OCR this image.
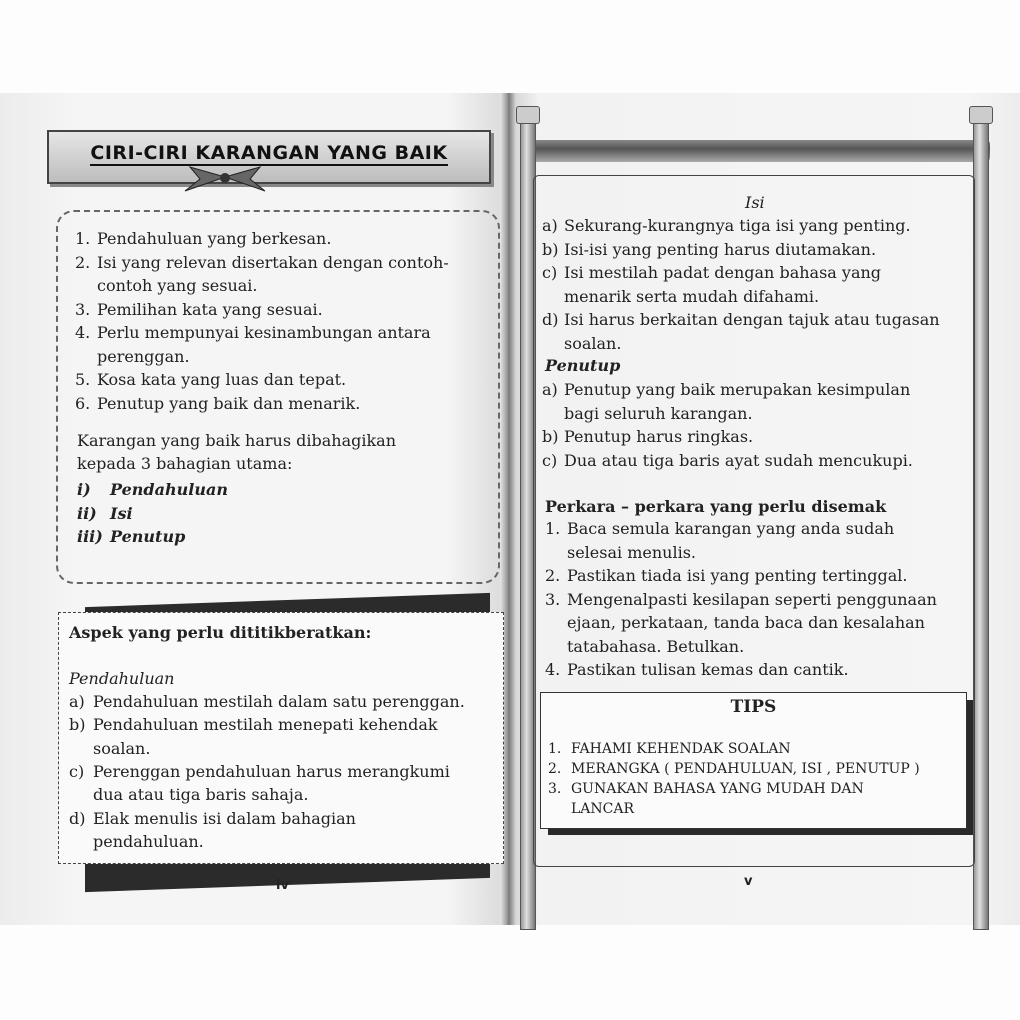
CIRI-CIRI KARANGAN YANG BAIK
iv
TIPS
v
1. Pendahuluan yang berkesan.
2. Isi yang relevan disertakan dengan contoh-
contoh yang sesuai.
3. Pemilihan kata yang sesuai.
4. Perlu mempunyai kesinambungan antara
perenggan.
5. Kosa kata yang luas dan tepat.
6. Penutup yang baik dan menarik.
Karangan yang baik harus dibahagikan
kepada 3 bahagian utama:
i) Pendahuluan
ii) Isi
iii) Penutup
Aspek yang perlu dititikberatkan:
Pendahuluan
a) Pendahuluan mestilah dalam satu perenggan.
b) Pendahuluan mestilah menepati kehendak
soalan.
c) Perenggan pendahuluan harus merangkumi
dua atau tiga baris sahaja.
d) Elak menulis isi dalam bahagian
pendahuluan.
Isi
a) Sekurang-kurangnya tiga isi yang penting.
b) Isi-isi yang penting harus diutamakan.
c) Isi mestilah padat dengan bahasa yang
menarik serta mudah difahami.
d) Isi harus berkaitan dengan tajuk atau tugasan
soalan.
Penutup
a) Penutup yang baik merupakan kesimpulan
bagi seluruh karangan.
b) Penutup harus ringkas.
c) Dua atau tiga baris ayat sudah mencukupi.
Perkara – perkara yang perlu disemak
1. Baca semula karangan yang anda sudah
selesai menulis.
2. Pastikan tiada isi yang penting tertinggal.
3. Mengenalpasti kesilapan seperti penggunaan
ejaan, perkataan, tanda baca dan kesalahan
tatabahasa. Betulkan.
4. Pastikan tulisan kemas dan cantik.
1. FAHAMI KEHENDAK SOALAN
2. MERANGKA ( PENDAHULUAN, ISI , PENUTUP )
3. GUNAKAN BAHASA YANG MUDAH DAN
LANCAR
